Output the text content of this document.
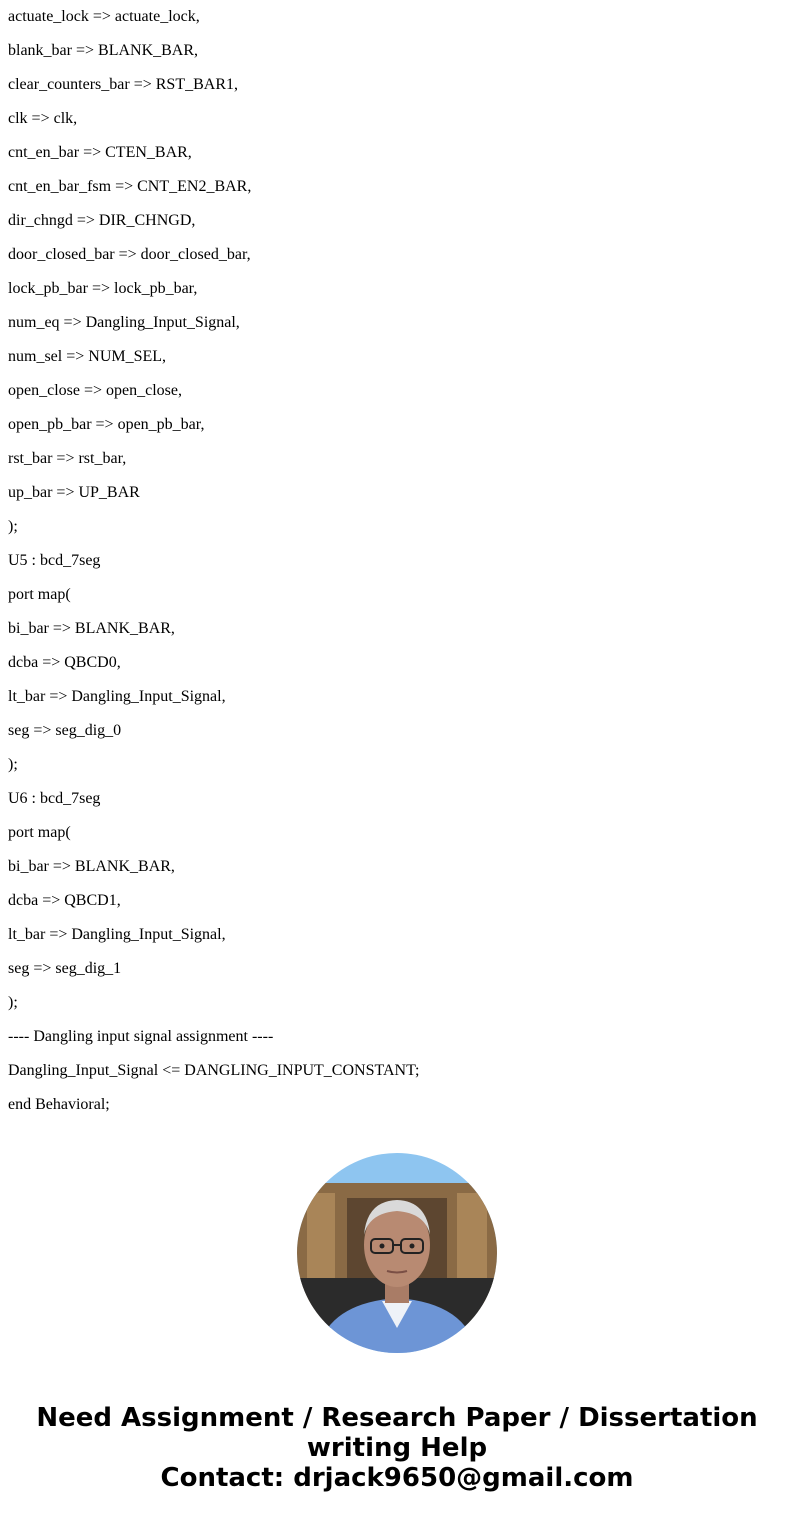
actuate_lock => actuate_lock,
blank_bar => BLANK_BAR,
clear_counters_bar => RST_BAR1,
clk => clk,
cnt_en_bar => CTEN_BAR,
cnt_en_bar_fsm => CNT_EN2_BAR,
dir_chngd => DIR_CHNGD,
door_closed_bar => door_closed_bar,
lock_pb_bar => lock_pb_bar,
num_eq => Dangling_Input_Signal,
num_sel => NUM_SEL,
open_close => open_close,
open_pb_bar => open_pb_bar,
rst_bar => rst_bar,
up_bar => UP_BAR
);
U5 : bcd_7seg
port map(
bi_bar => BLANK_BAR,
dcba => QBCD0,
lt_bar => Dangling_Input_Signal,
seg => seg_dig_0
);
U6 : bcd_7seg
port map(
bi_bar => BLANK_BAR,
dcba => QBCD1,
lt_bar => Dangling_Input_Signal,
seg => seg_dig_1
);
---- Dangling input signal assignment ----
Dangling_Input_Signal <= DANGLING_INPUT_CONSTANT;
end Behavioral;
Need Assignment / Research Paper / Dissertation
writing Help
Contact: drjack9650@gmail.com
